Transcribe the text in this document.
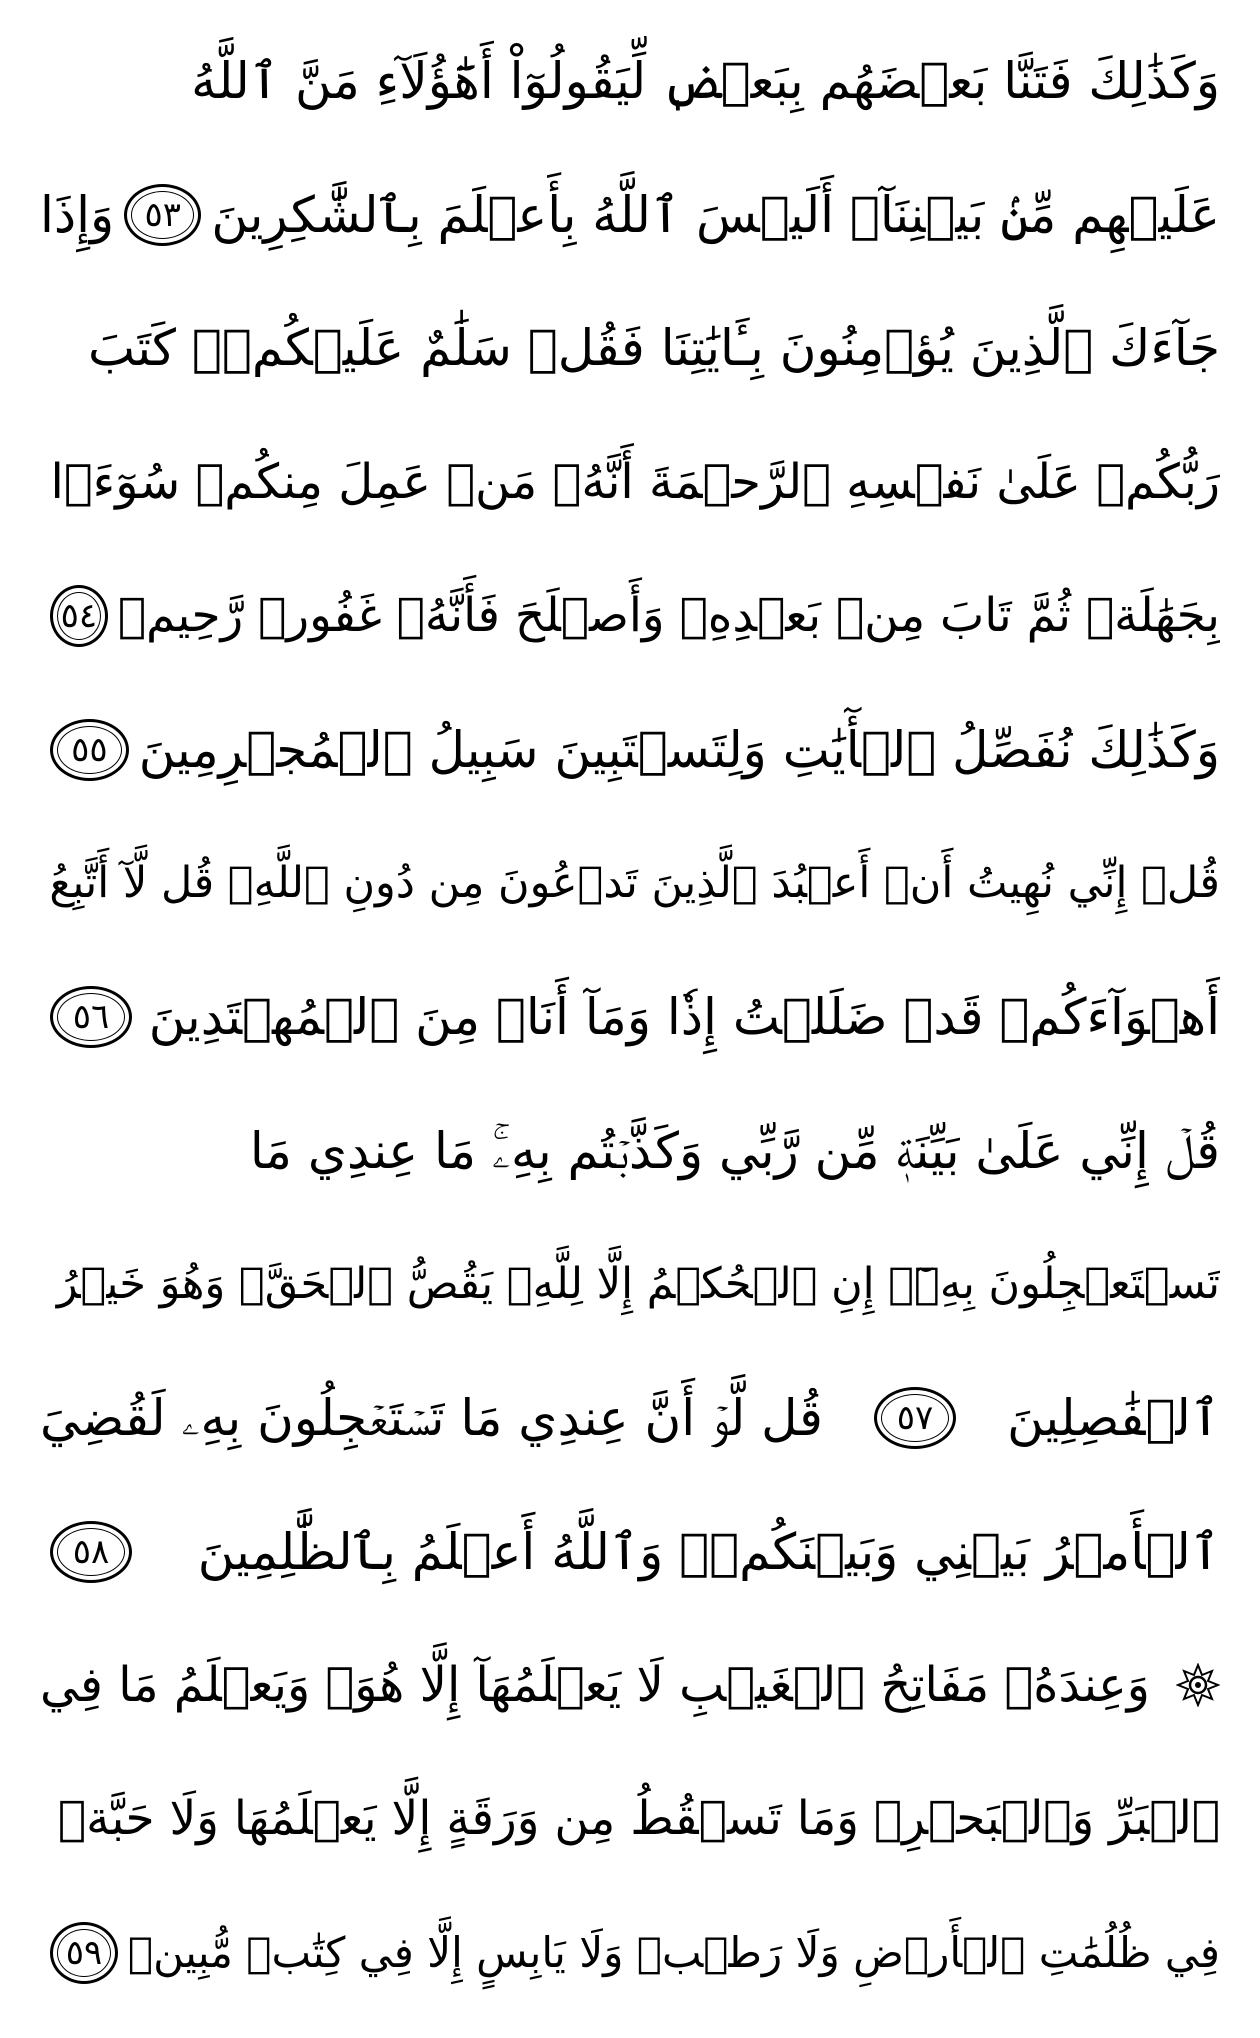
وَكَذَٰلِكَ فَتَنَّا بَعۡضَهُم بِبَعۡضٖ لِّيَقُولُوٓاْ أَهَٰٓؤُلَآءِ مَنَّ ٱللَّهُ
عَلَيۡهِم مِّنۢ بَيۡنِنَآۗ أَلَيۡسَ ٱللَّهُ بِأَعۡلَمَ بِٱلشَّٰكِرِينَ
٥٣
وَإِذَا
جَآءَكَ ٱلَّذِينَ يُؤۡمِنُونَ بِـَٔايَٰتِنَا فَقُلۡ سَلَٰمٌ عَلَيۡكُمۡۖ كَتَبَ
رَبُّكُمۡ عَلَىٰ نَفۡسِهِ ٱلرَّحۡمَةَ أَنَّهُۥ مَنۡ عَمِلَ مِنكُمۡ سُوٓءَۢا
بِجَهَٰلَةٖ ثُمَّ تَابَ مِنۢ بَعۡدِهِۦ وَأَصۡلَحَ فَأَنَّهُۥ غَفُورٞ رَّحِيمٞ
٥٤
وَكَذَٰلِكَ نُفَصِّلُ ٱلۡأٓيَٰتِ وَلِتَسۡتَبِينَ سَبِيلُ ٱلۡمُجۡرِمِينَ
٥٥
قُلۡ إِنِّي نُهِيتُ أَنۡ أَعۡبُدَ ٱلَّذِينَ تَدۡعُونَ مِن دُونِ ٱللَّهِۚ قُل لَّآ أَتَّبِعُ
أَهۡوَآءَكُمۡ قَدۡ ضَلَلۡتُ إِذٗا وَمَآ أَنَا۠ مِنَ ٱلۡمُهۡتَدِينَ
٥٦
قُلۡ إِنِّي عَلَىٰ بَيِّنَةٖ مِّن رَّبِّي وَكَذَّبۡتُم بِهِۦۚ مَا عِندِي مَا
تَسۡتَعۡجِلُونَ بِهِۦٓۚ إِنِ ٱلۡحُكۡمُ إِلَّا لِلَّهِۖ يَقُصُّ ٱلۡحَقَّۖ وَهُوَ خَيۡرُ
ٱلۡفَٰصِلِينَ
٥٧
قُل لَّوۡ أَنَّ عِندِي مَا تَسۡتَعۡجِلُونَ بِهِۦ لَقُضِيَ
ٱلۡأَمۡرُ بَيۡنِي وَبَيۡنَكُمۡۗ وَٱللَّهُ أَعۡلَمُ بِٱلظَّٰلِمِينَ
٥٨
وَعِندَهُۥ مَفَاتِحُ ٱلۡغَيۡبِ لَا يَعۡلَمُهَآ إِلَّا هُوَۚ وَيَعۡلَمُ مَا فِي
ٱلۡبَرِّ وَٱلۡبَحۡرِۚ وَمَا تَسۡقُطُ مِن وَرَقَةٍ إِلَّا يَعۡلَمُهَا وَلَا حَبَّةٖ
فِي ظُلُمَٰتِ ٱلۡأَرۡضِ وَلَا رَطۡبٖ وَلَا يَابِسٍ إِلَّا فِي كِتَٰبٖ مُّبِينٖ
٥٩
